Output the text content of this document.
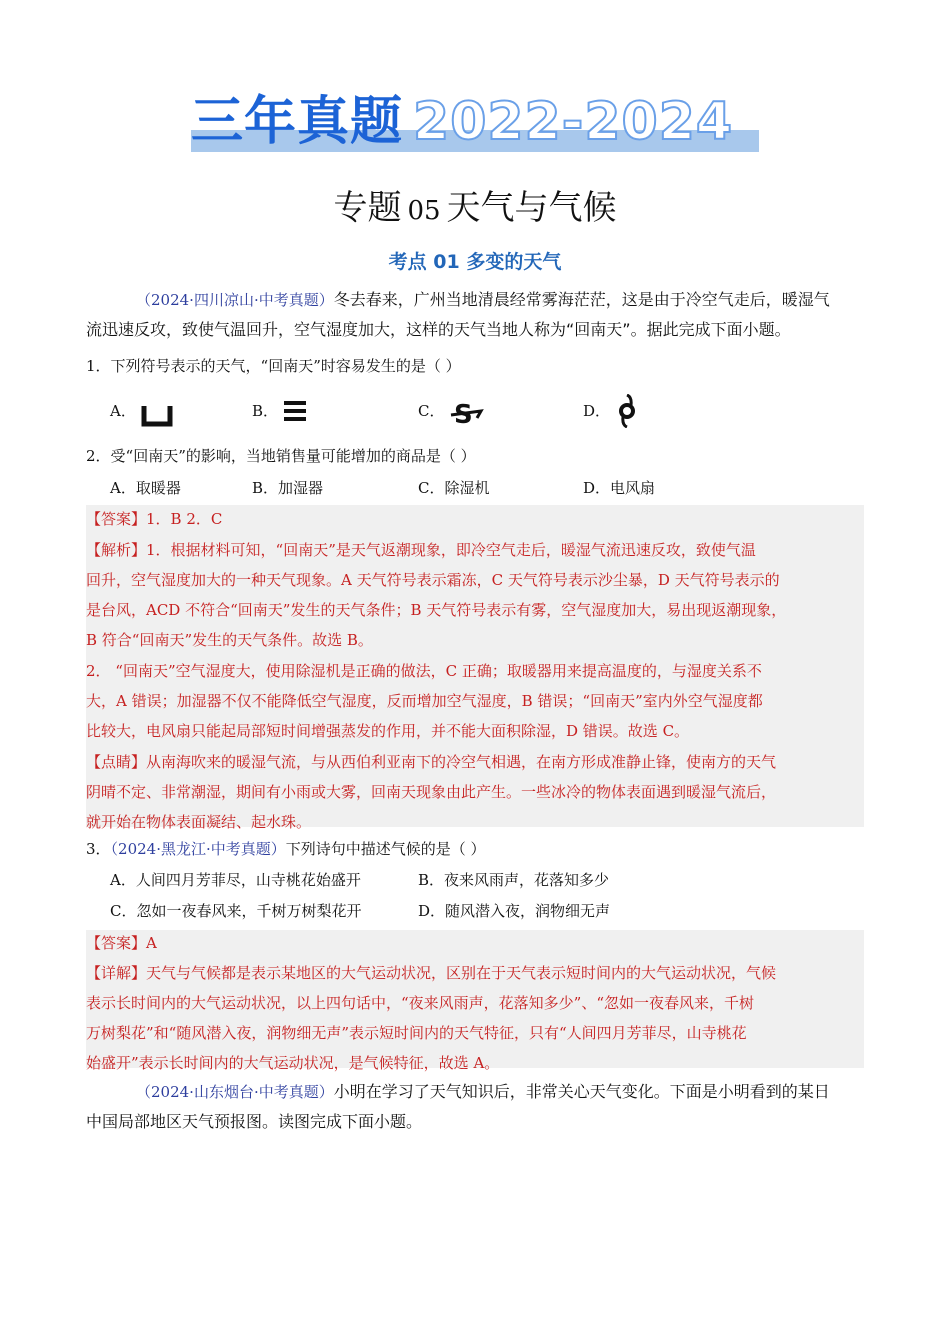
三年真题 2022-2024
专题 05 天气与气候
考点 01 多变的天气
（2024·四川凉山·中考真题）冬去春来，广州当地清晨经常雾海茫茫，这是由于冷空气走后，暖湿气
流迅速反攻，致使气温回升，空气湿度加大，这样的天气当地人称为“回南天”。据此完成下面小题。
1．下列符号表示的天气，“回南天”时容易发生的是（ ）
A．	B．	C．	D．
S
2．受“回南天”的影响，当地销售量可能增加的商品是（ ）
A．取暖器	B．加湿器	C．除湿机	D．电风扇
【答案】1．B 2．C
【解析】1．根据材料可知，“回南天”是天气返潮现象，即冷空气走后，暖湿气流迅速反攻，致使气温
回升，空气湿度加大的一种天气现象。A 天气符号表示霜冻，C 天气符号表示沙尘暴，D 天气符号表示的
是台风，ACD 不符合“回南天”发生的天气条件；B 天气符号表示有雾，空气湿度加大，易出现返潮现象，
B 符合“回南天”发生的天气条件。故选 B。
2． “回南天”空气湿度大，使用除湿机是正确的做法，C 正确；取暖器用来提高温度的，与湿度关系不
大，A 错误；加湿器不仅不能降低空气湿度，反而增加空气湿度，B 错误；“回南天”室内外空气湿度都
比较大，电风扇只能起局部短时间增强蒸发的作用，并不能大面积除湿，D 错误。故选 C。
【点睛】从南海吹来的暖湿气流，与从西伯利亚南下的冷空气相遇，在南方形成准静止锋，使南方的天气
阴晴不定、非常潮湿，期间有小雨或大雾，回南天现象由此产生。一些冰冷的物体表面遇到暖湿气流后，
就开始在物体表面凝结、起水珠。
3．（2024·黑龙江·中考真题）下列诗句中描述气候的是（ ）
A．人间四月芳菲尽，山寺桃花始盛开	B．夜来风雨声，花落知多少
C．忽如一夜春风来，千树万树梨花开	D．随风潜入夜，润物细无声
【答案】A
【详解】天气与气候都是表示某地区的大气运动状况，区别在于天气表示短时间内的大气运动状况，气候
表示长时间内的大气运动状况，以上四句话中，“夜来风雨声，花落知多少”、“忽如一夜春风来，千树
万树梨花”和“随风潜入夜，润物细无声”表示短时间内的天气特征，只有“人间四月芳菲尽，山寺桃花
始盛开”表示长时间内的大气运动状况，是气候特征，故选 A。
（2024·山东烟台·中考真题）小明在学习了天气知识后，非常关心天气变化。下面是小明看到的某日
中国局部地区天气预报图。读图完成下面小题。
